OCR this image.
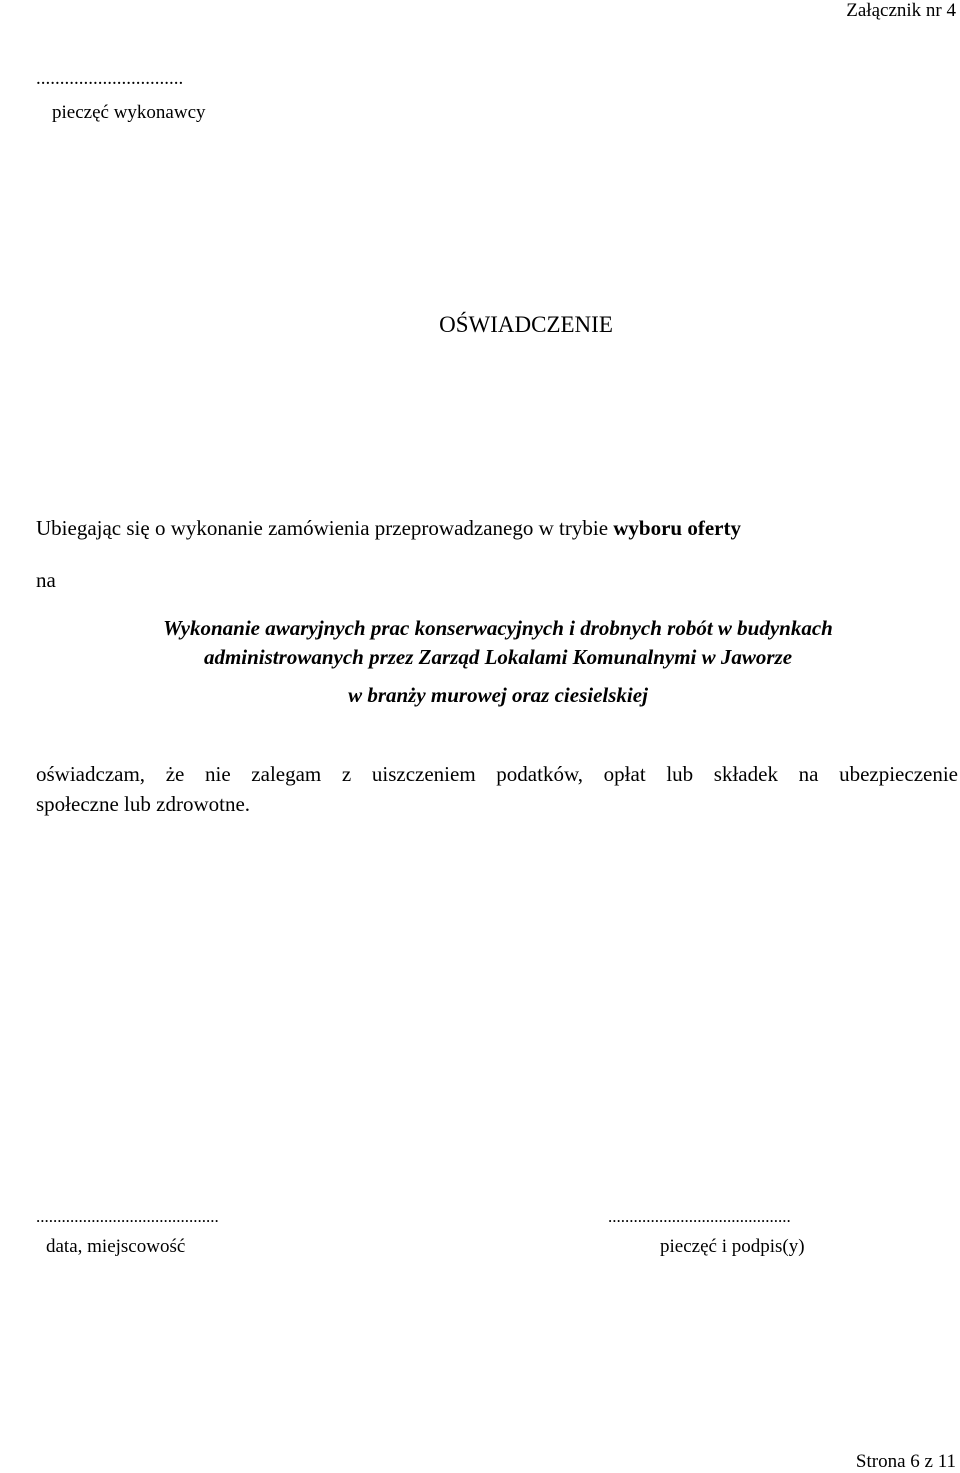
Załącznik nr 4
...............................
pieczęć wykonawcy
OŚWIADCZENIE
Ubiegając się o wykonanie zamówienia przeprowadzanego w trybie wyboru oferty
na
Wykonanie awaryjnych prac konserwacyjnych i drobnych robót w budynkach
administrowanych przez Zarząd Lokalami Komunalnymi w Jaworze
w branży murowej oraz ciesielskiej
oświadczam, że nie zalegam z uiszczeniem podatków, opłat lub składek na ubezpieczenie
społeczne lub zdrowotne.
...........................................	...........................................
data, miejscowość	pieczęć i podpis(y)
Strona 6 z 11
